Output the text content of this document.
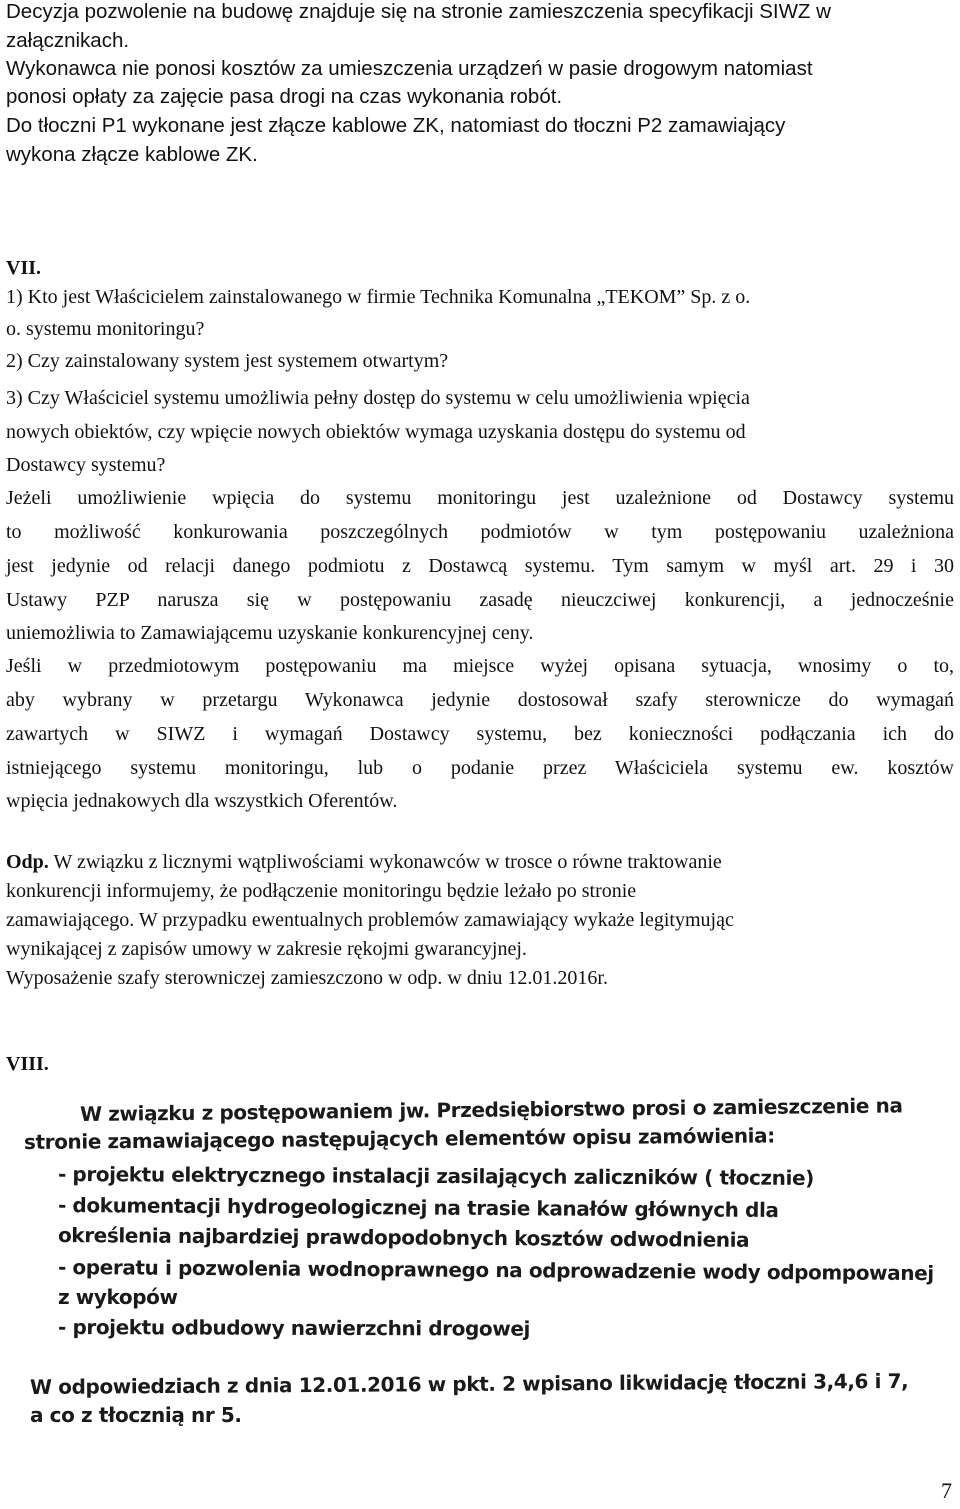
Decyzja pozwolenie na budowę znajduje się na stronie zamieszczenia specyfikacji SIWZ w

załącznikach.

Wykonawca nie ponosi kosztów za umieszczenia urządzeń w pasie drogowym natomiast

ponosi opłaty za zajęcie pasa drogi na czas wykonania robót.

Do tłoczni P1 wykonane jest złącze kablowe ZK, natomiast do tłoczni P2 zamawiający

wykona złącze kablowe ZK.

VII.

1) Kto jest Właścicielem zainstalowanego w firmie Technika Komunalna „TEKOM” Sp. z o.

o. systemu monitoringu?

2) Czy zainstalowany system jest systemem otwartym?

3) Czy Właściciel systemu umożliwia pełny dostęp do systemu w celu umożliwienia wpięcia

nowych obiektów, czy wpięcie nowych obiektów wymaga uzyskania dostępu do systemu od

Dostawcy systemu?

Jeżeli umożliwienie wpięcia do systemu monitoringu jest uzależnione od Dostawcy systemu

to możliwość konkurowania poszczególnych podmiotów w tym postępowaniu uzależniona

jest jedynie od relacji danego podmiotu z Dostawcą systemu. Tym samym w myśl art. 29 i 30

Ustawy PZP narusza się w postępowaniu zasadę nieuczciwej konkurencji, a jednocześnie

uniemożliwia to Zamawiającemu uzyskanie konkurencyjnej ceny.

Jeśli w przedmiotowym postępowaniu ma miejsce wyżej opisana sytuacja, wnosimy o to,

aby wybrany w przetargu Wykonawca jedynie dostosował szafy sterownicze do wymagań

zawartych w SIWZ i wymagań Dostawcy systemu, bez konieczności podłączania ich do

istniejącego systemu monitoringu, lub o podanie przez Właściciela systemu ew. kosztów

wpięcia jednakowych dla wszystkich Oferentów.

Odp. W związku z licznymi wątpliwościami wykonawców w trosce o równe traktowanie

konkurencji informujemy, że podłączenie monitoringu będzie leżało po stronie

zamawiającego. W przypadku ewentualnych problemów zamawiający wykaże legitymując

wynikającej z zapisów umowy w zakresie rękojmi gwarancyjnej.

Wyposażenie szafy sterowniczej zamieszczono w odp. w dniu 12.01.2016r.

VIII.

W związku z postępowaniem jw. Przedsiębiorstwo prosi o zamieszczenie na
stronie zamawiającego następujących elementów opisu zamówienia:
- projektu elektrycznego instalacji zasilających zaliczników ( tłocznie)
- dokumentacji hydrogeologicznej na trasie kanałów głównych dla
określenia najbardziej prawdopodobnych kosztów odwodnienia
- operatu i pozwolenia wodnoprawnego na odprowadzenie wody odpompowanej
z wykopów
- projektu odbudowy nawierzchni drogowej
W odpowiedziach z dnia 12.01.2016 w pkt. 2 wpisano likwidację tłoczni 3,4,6 i 7,
a co z tłocznią nr 5.
7
